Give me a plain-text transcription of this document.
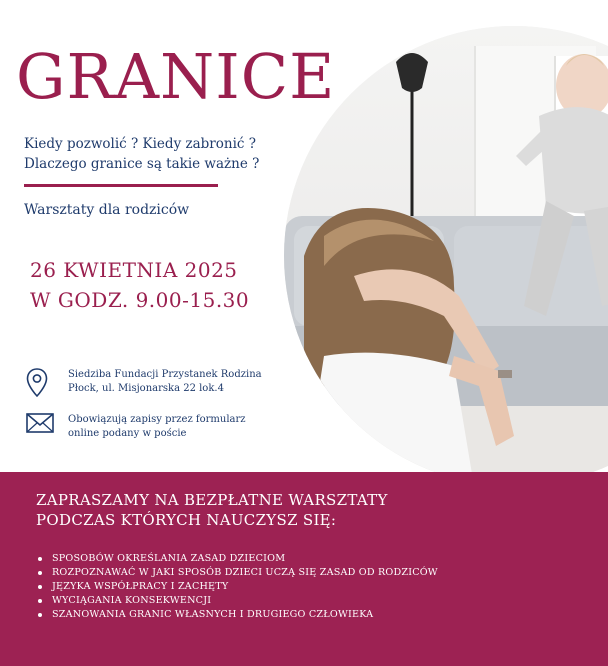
GRANICE
Kiedy pozwolić ? Kiedy zabronić ?
Dlaczego granice są takie ważne ?
Warsztaty dla rodziców
26 KWIETNIA 2025
W GODZ. 9.00-15.30
Siedziba Fundacji Przystanek Rodzina
Płock, ul. Misjonarska 22 lok.4
Obowiązują zapisy przez formularz
online podany w poście
ZAPRASZAMY NA BEZPŁATNE WARSZTATY
PODCZAS KTÓRYCH NAUCZYSZ SIĘ:
SPOSOBÓW OKREŚLANIA ZASAD DZIECIOM
ROZPOZNAWAĆ W JAKI SPOSÓB DZIECI UCZĄ SIĘ ZASAD OD RODZICÓW
JĘZYKA WSPÓŁPRACY I ZACHĘTY
WYCIĄGANIA KONSEKWENCJI
SZANOWANIA GRANIC WŁASNYCH I DRUGIEGO CZŁOWIEKA
